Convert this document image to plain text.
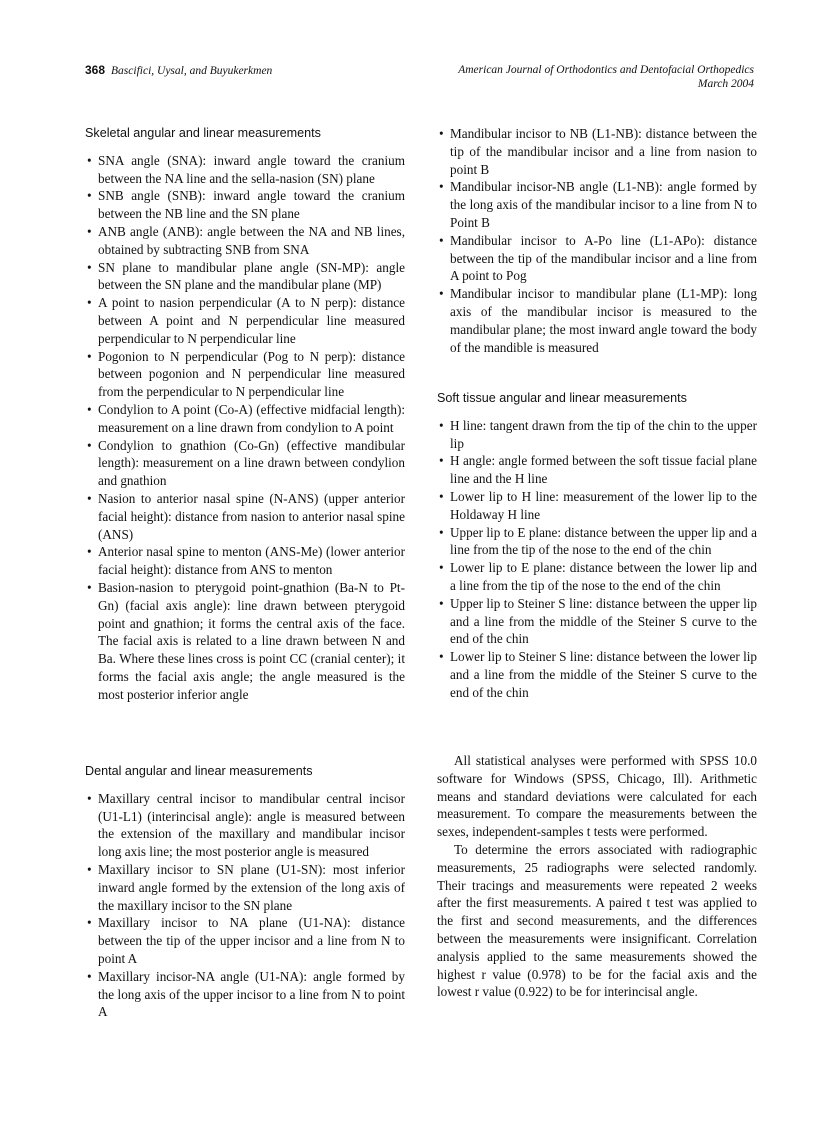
368 Bascifici, Uysal, and Buyukerkmen	American Journal of Orthodontics and Dentofacial Orthopedics
March 2004
Skeletal angular and linear measurements
• SNA angle (SNA): inward angle toward the cranium between the NA line and the sella-nasion (SN) plane
• SNB angle (SNB): inward angle toward the cranium between the NB line and the SN plane
• ANB angle (ANB): angle between the NA and NB lines, obtained by subtracting SNB from SNA
• SN plane to mandibular plane angle (SN-MP): angle between the SN plane and the mandibular plane (MP)
• A point to nasion perpendicular (A to N perp): distance between A point and N perpendicular line measured perpendicular to N perpendicular line
• Pogonion to N perpendicular (Pog to N perp): distance between pogonion and N perpendicular line measured from the perpendicular to N perpendicular line
• Condylion to A point (Co-A) (effective midfacial length): measurement on a line drawn from condylion to A point
• Condylion to gnathion (Co-Gn) (effective mandibular length): measurement on a line drawn between condylion and gnathion
• Nasion to anterior nasal spine (N-ANS) (upper anterior facial height): distance from nasion to anterior nasal spine (ANS)
• Anterior nasal spine to menton (ANS-Me) (lower anterior facial height): distance from ANS to menton
• Basion-nasion to pterygoid point-gnathion (Ba-N to Pt-Gn) (facial axis angle): line drawn between pterygoid point and gnathion; it forms the central axis of the face. The facial axis is related to a line drawn between N and Ba. Where these lines cross is point CC (cranial center); it forms the facial axis angle; the angle measured is the most posterior inferior angle
Dental angular and linear measurements
• Maxillary central incisor to mandibular central incisor (U1-L1) (interincisal angle): angle is measured between the extension of the maxillary and mandibular incisor long axis line; the most posterior angle is measured
• Maxillary incisor to SN plane (U1-SN): most inferior inward angle formed by the extension of the long axis of the maxillary incisor to the SN plane
• Maxillary incisor to NA plane (U1-NA): distance between the tip of the upper incisor and a line from N to point A
• Maxillary incisor-NA angle (U1-NA): angle formed by the long axis of the upper incisor to a line from N to point A
• Mandibular incisor to NB (L1-NB): distance between the tip of the mandibular incisor and a line from nasion to point B
• Mandibular incisor-NB angle (L1-NB): angle formed by the long axis of the mandibular incisor to a line from N to Point B
• Mandibular incisor to A-Po line (L1-APo): distance between the tip of the mandibular incisor and a line from A point to Pog
• Mandibular incisor to mandibular plane (L1-MP): long axis of the mandibular incisor is measured to the mandibular plane; the most inward angle toward the body of the mandible is measured
Soft tissue angular and linear measurements
• H line: tangent drawn from the tip of the chin to the upper lip
• H angle: angle formed between the soft tissue facial plane line and the H line
• Lower lip to H line: measurement of the lower lip to the Holdaway H line
• Upper lip to E plane: distance between the upper lip and a line from the tip of the nose to the end of the chin
• Lower lip to E plane: distance between the lower lip and a line from the tip of the nose to the end of the chin
• Upper lip to Steiner S line: distance between the upper lip and a line from the middle of the Steiner S curve to the end of the chin
• Lower lip to Steiner S line: distance between the lower lip and a line from the middle of the Steiner S curve to the end of the chin

All statistical analyses were performed with SPSS 10.0 software for Windows (SPSS, Chicago, Ill). Arithmetic means and standard deviations were calculated for each measurement. To compare the measurements between the sexes, independent-samples t tests were performed.

To determine the errors associated with radiographic measurements, 25 radiographs were selected randomly. Their tracings and measurements were repeated 2 weeks after the first measurements. A paired t test was applied to the first and second measurements, and the differences between the measurements were insignificant. Correlation analysis applied to the same measurements showed the highest r value (0.978) to be for the facial axis and the lowest r value (0.922) to be for interincisal angle.
